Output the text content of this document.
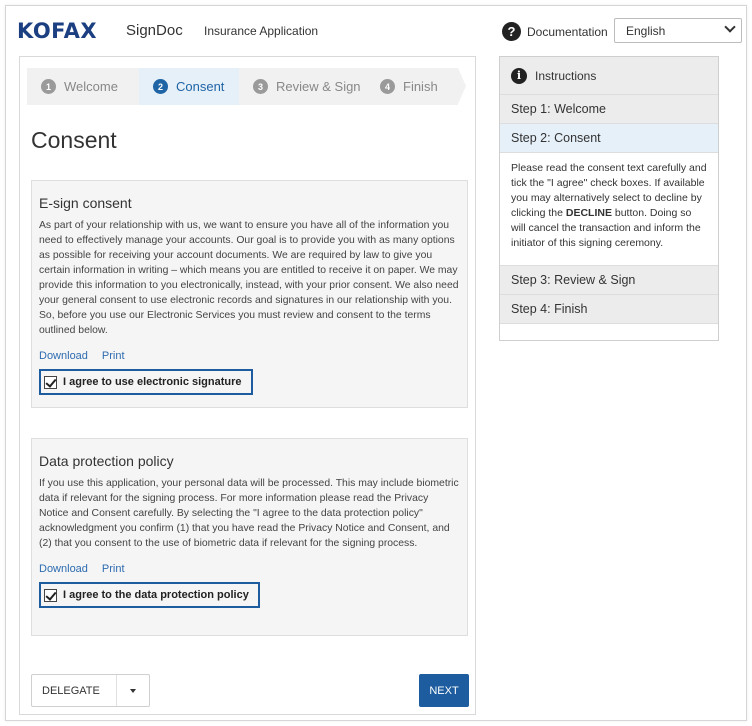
KOFAX SignDoc Insurance Application	? Documentation	English
1	Welcome	2	Consent	3	Review & Sign	4	Finish
Consent
E-sign consent

As part of your relationship with us, we want to ensure you have all of the information you need to effectively manage your accounts. Our goal is to provide you with as many options as possible for receiving your account documents. We are required by law to give you certain information in writing – which means you are entitled to receive it on paper. We may provide this information to you electronically, instead, with your prior consent. We also need your general consent to use electronic records and signatures in our relationship with you. So, before you use our Electronic Services you must review and consent to the terms outlined below.

Download Print
I agree to use electronic signature
Data protection policy

If you use this application, your personal data will be processed. This may include biometric data if relevant for the signing process. For more information please read the Privacy Notice and Consent carefully. By selecting the "I agree to the data protection policy" acknowledgment you confirm (1) that you have read the Privacy Notice and Consent, and (2) that you consent to the use of biometric data if relevant for the signing process.

Download Print
I agree to the data protection policy
DELEGATE	NEXT
i	Instructions
Step 1: Welcome
Step 2: Consent
Please read the consent text carefully and tick the "I agree" check boxes. If available you may alternatively select to decline by clicking the DECLINE button. Doing so will cancel the transaction and inform the initiator of this signing ceremony.
Step 3: Review & Sign
Step 4: Finish
